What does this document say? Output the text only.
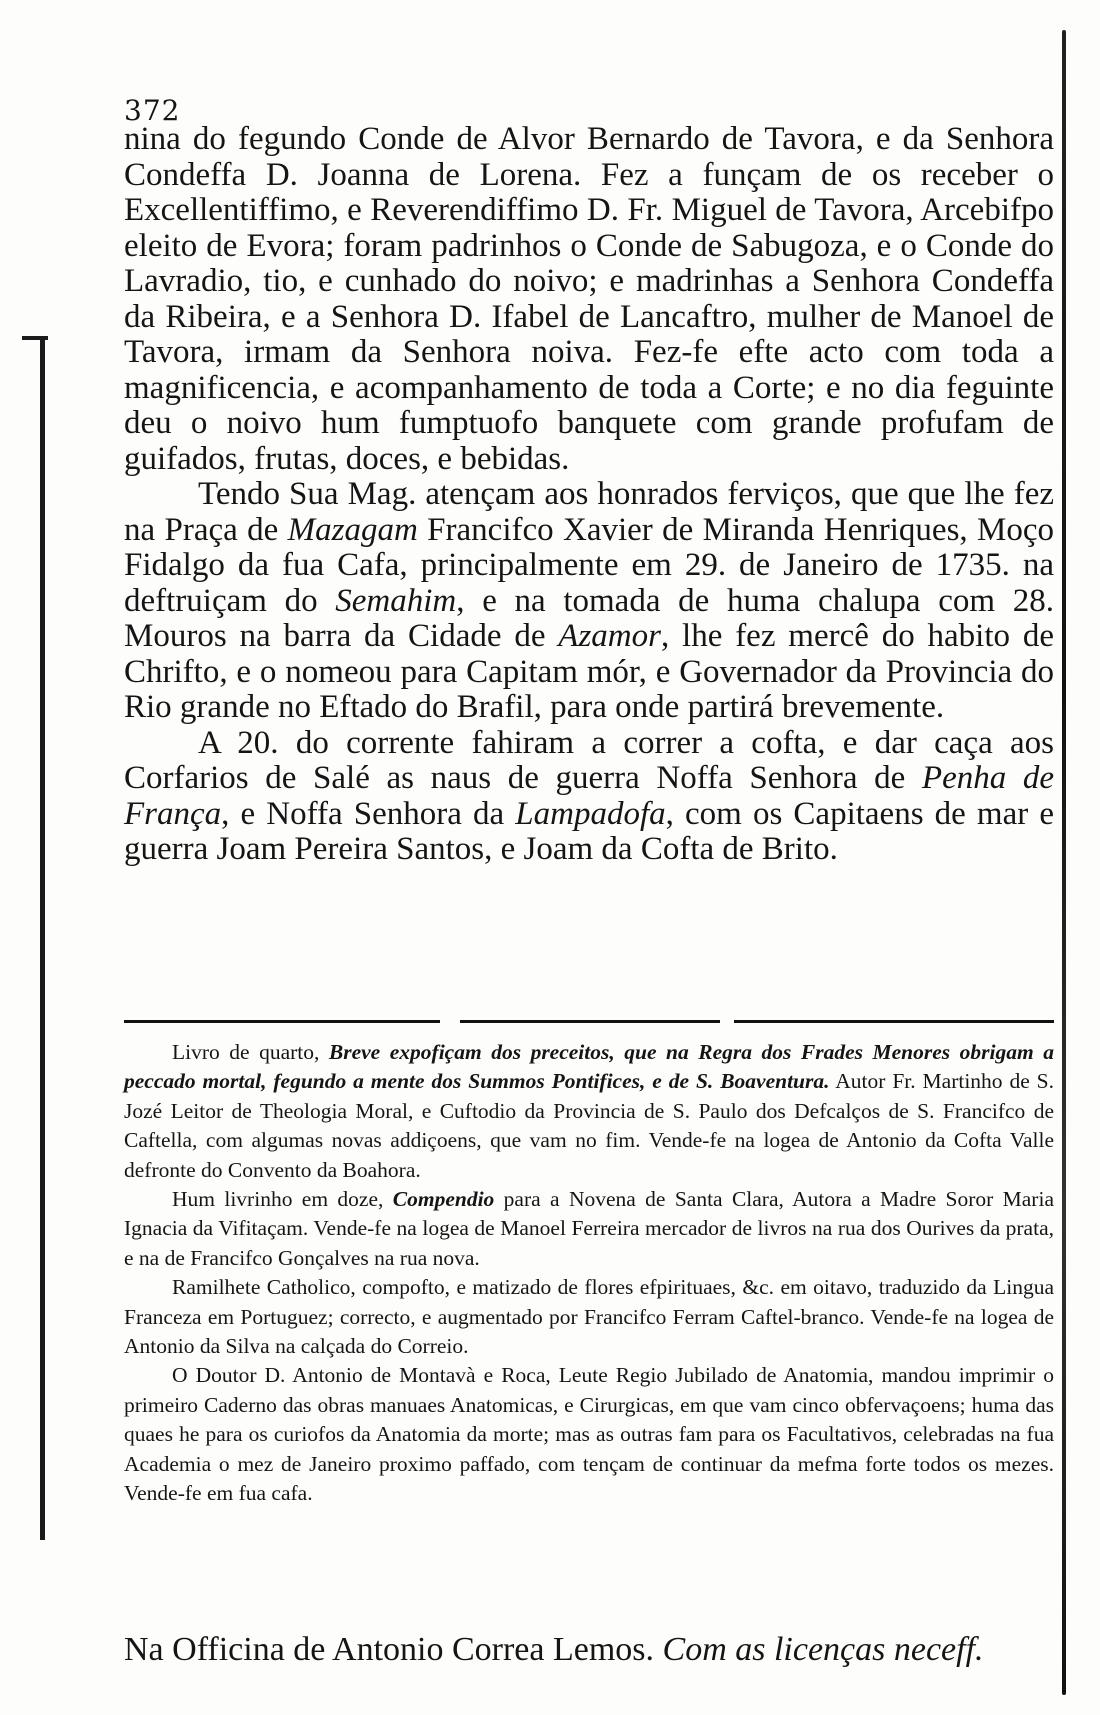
372

nina do fegundo Conde de Alvor Bernardo de Tavora, e da Senhora Condeffa D. Joanna de Lorena. Fez a funçam de os receber o Excellentiffimo, e Reverendiffimo D. Fr. Miguel de Tavora, Arcebifpo eleito de Evora; foram padrinhos o Conde de Sabugoza, e o Conde do Lavradio, tio, e cunhado do noivo; e madrinhas a Senhora Condeffa da Ribeira, e a Senhora D. Ifabel de Lancaftro, mulher de Manoel de Tavora, irmam da Senhora noiva. Fez-fe efte acto com toda a magnificencia, e acompanhamento de toda a Corte; e no dia feguinte deu o noivo hum fumptuofo banquete com grande profufam de guifados, frutas, doces, e bebidas.

Tendo Sua Mag. atençam aos honrados ferviços, que que lhe fez na Praça de Mazagam Francifco Xavier de Miranda Henriques, Moço Fidalgo da fua Cafa, principalmente em 29. de Janeiro de 1735. na deftruiçam do Semahim, e na tomada de huma chalupa com 28. Mouros na barra da Cidade de Azamor, lhe fez mercê do habito de Chrifto, e o nomeou para Capitam mór, e Governador da Provincia do Rio grande no Eftado do Brafil, para onde partirá brevemente.

A 20. do corrente fahiram a correr a cofta, e dar caça aos Corfarios de Salé as naus de guerra Noffa Senhora de Penha de França, e Noffa Senhora da Lampadofa, com os Capitaens de mar e guerra Joam Pereira Santos, e Joam da Cofta de Brito.

Livro de quarto, Breve expofiçam dos preceitos, que na Regra dos Frades Menores obrigam a peccado mortal, fegundo a mente dos Summos Pontifices, e de S. Boaventura. Autor Fr. Martinho de S. Jozé Leitor de Theologia Moral, e Cuftodio da Provincia de S. Paulo dos Defcalços de S. Francifco de Caftella, com algumas novas addiçoens, que vam no fim. Vende-fe na logea de Antonio da Cofta Valle defronte do Convento da Boahora.

Hum livrinho em doze, Compendio para a Novena de Santa Clara, Autora a Madre Soror Maria Ignacia da Vifitaçam. Vende-fe na logea de Manoel Ferreira mercador de livros na rua dos Ourives da prata, e na de Francifco Gonçalves na rua nova.

Ramilhete Catholico, compofto, e matizado de flores efpirituaes, &c. em oitavo, traduzido da Lingua Franceza em Portuguez; correcto, e augmentado por Francifco Ferram Caftel-branco. Vende-fe na logea de Antonio da Silva na calçada do Correio.

O Doutor D. Antonio de Montavà e Roca, Leute Regio Jubilado de Anatomia, mandou imprimir o primeiro Caderno das obras manuaes Anatomicas, e Cirurgicas, em que vam cinco obfervaçoens; huma das quaes he para os curiofos da Anatomia da morte; mas as outras fam para os Facultativos, celebradas na fua Academia o mez de Janeiro proximo paffado, com tençam de continuar da mefma forte todos os mezes. Vende-fe em fua cafa.

Na Officina de Antonio Correa Lemos. Com as licenças neceff.
